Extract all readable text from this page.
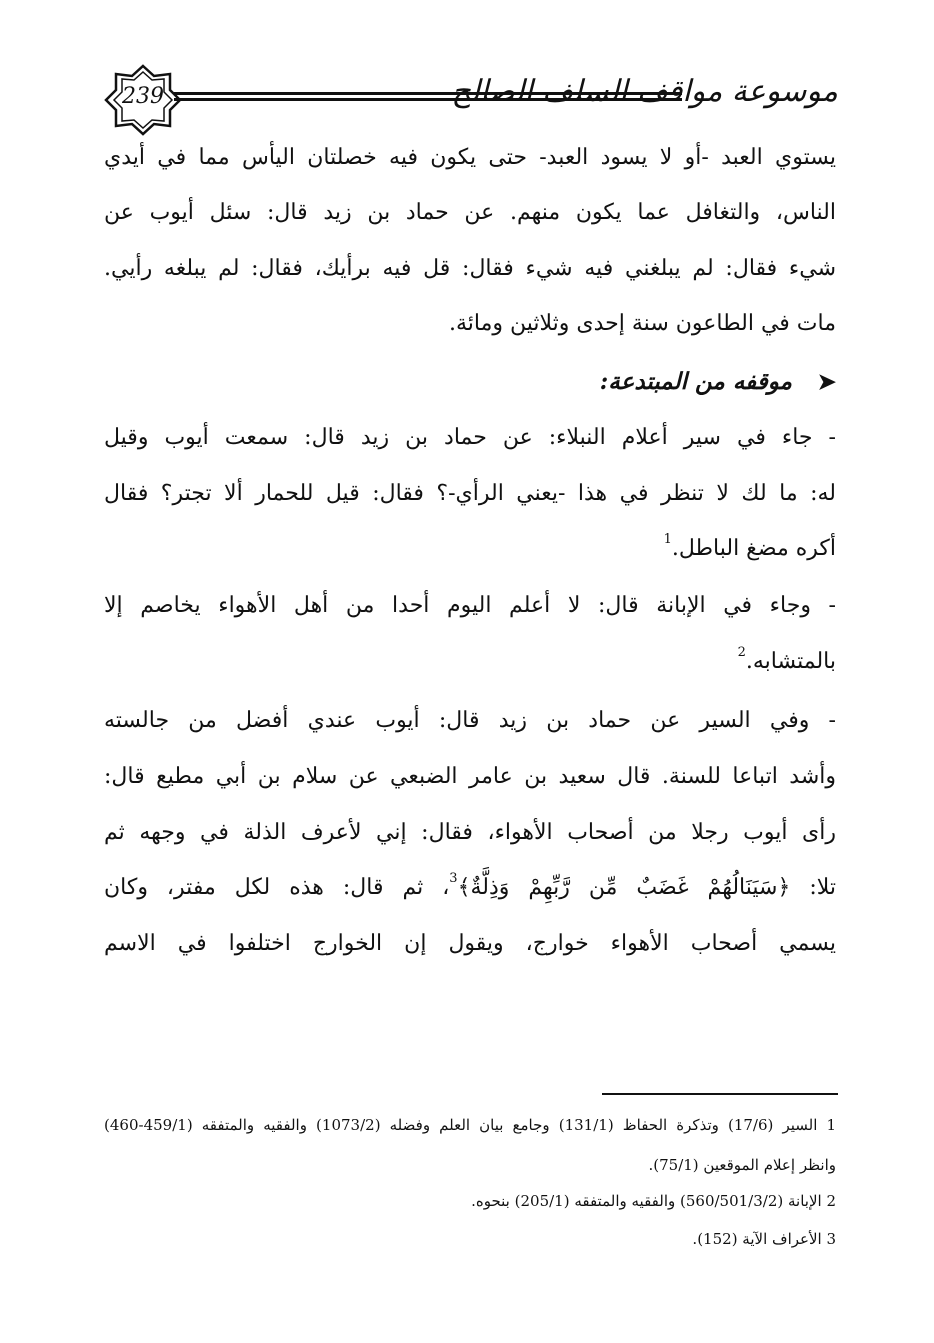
239	موسوعة مواقف السلف الصالح
يستوي العبد -أو لا يسود العبد- حتى يكون فيه خصلتان اليأس مما في أيدي
الناس، والتغافل عما يكون منهم. عن حماد بن زيد قال: سئل أيوب عن
شيء فقال: لم يبلغني فيه شيء فقال: قل فيه برأيك، فقال: لم يبلغه رأيي.
مات في الطاعون سنة إحدى وثلاثين ومائة.
➤
موقفه من المبتدعة:
- جاء في سير أعلام النبلاء: عن حماد بن زيد قال: سمعت أيوب وقيل
له: ما لك لا تنظر في هذا -يعني الرأي-؟ فقال: قيل للحمار ألا تجتر؟ فقال
أكره مضغ الباطل.$^1$
- وجاء في الإبانة قال: لا أعلم اليوم أحدا من أهل الأهواء يخاصم إلا
بالمتشابه.$^2$
- وفي السير عن حماد بن زيد قال: أيوب عندي أفضل من جالسته
وأشد اتباعا للسنة. قال سعيد بن عامر الضبعي عن سلام بن أبي مطيع قال:
رأى أيوب رجلا من أصحاب الأهواء، فقال: إني لأعرف الذلة في وجهه ثم
تلا: ﴿سَيَنَالُهُمْ غَضَبٌ مِّن رَّبِّهِمْ وَذِلَّةٌ﴾$^3$، ثم قال: هذه لكل مفتر، وكان
يسمي أصحاب الأهواء خوارج، ويقول إن الخوارج اختلفوا في الاسم
1 السير (17/6) وتذكرة الحفاظ (131/1) وجامع بيان العلم وفضله (1073/2) والفقيه والمتفقه (459/1-460)
وانظر إعلام الموقعين (75/1).
2 الإبانة (560/501/3/2) والفقيه والمتفقه (205/1) بنحوه.
3 الأعراف الآية (152).
